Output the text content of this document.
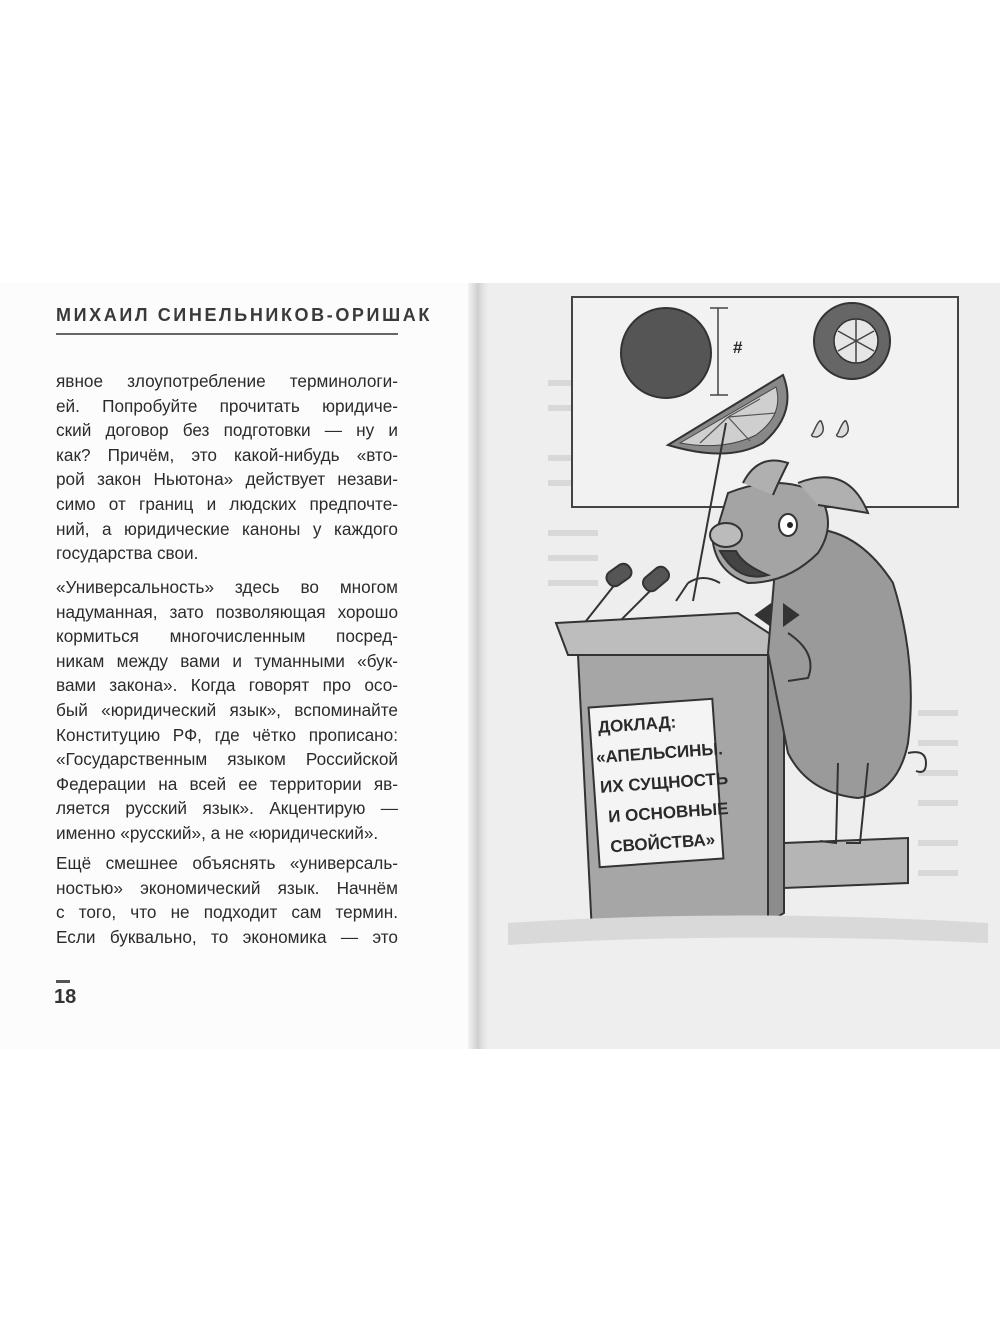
МИХАИЛ СИНЕЛЬНИКОВ-ОРИШАК
явное злоупотребление терминологи-
ей. Попробуйте прочитать юридиче-
ский договор без подготовки — ну и
как? Причём, это какой-нибудь «вто-
рой закон Ньютона» действует незави-
симо от границ и людских предпочте-
ний, а юридические каноны у каждого
государства свои.
«Универсальность» здесь во многом
надуманная, зато позволяющая хорошо
кормиться многочисленным посред-
никам между вами и туманными «бук-
вами закона». Когда говорят про осо-
бый «юридический язык», вспоминайте
Конституцию РФ, где чётко прописано:
«Государственным языком Российской
Федерации на всей ее территории яв-
ляется русский язык». Акцентирую —
именно «русский», а не «юридический».
Ещё смешнее объяснять «универсаль-
ностью» экономический язык. Начнём
с того, что не подходит сам термин.
Если буквально, то экономика — это
18
#
ДОКЛАД:
«АПЕЛЬСИНЫ.
ИХ СУЩНОСТЬ
И ОСНОВНЫЕ
СВОЙСТВА»
